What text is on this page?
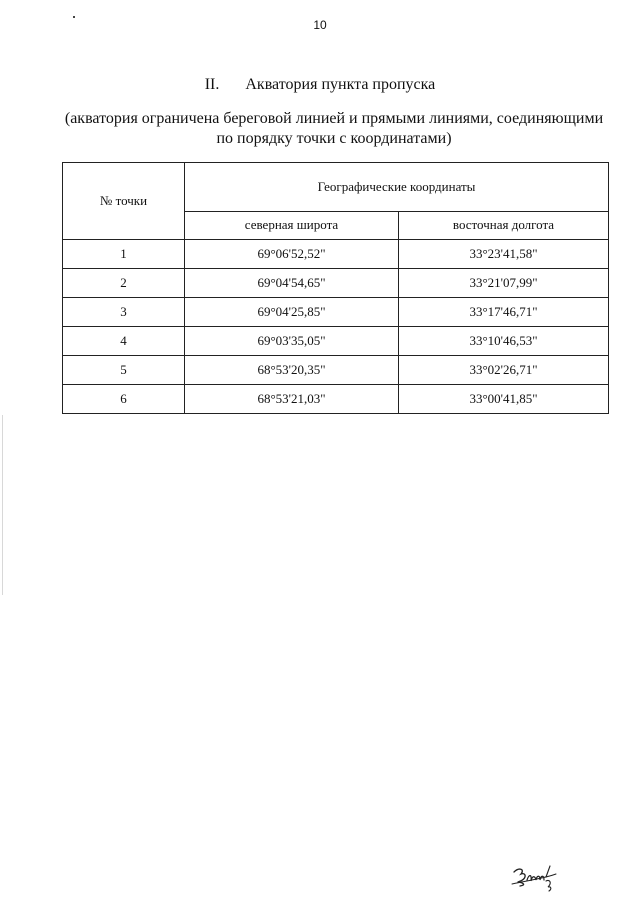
10
II. Акватория пункта пропуска
(акватория ограничена береговой линией и прямыми линиями, соединяющими по порядку точки с координатами)
№ точки	Географические координаты	
	северная широта	восточная долгота
1	69°06'52,52"	33°23'41,58"
2	69°04'54,65"	33°21'07,99"
3	69°04'25,85"	33°17'46,71"
4	69°03'35,05"	33°10'46,53"
5	68°53'20,35"	33°02'26,71"
6	68°53'21,03"	33°00'41,85"
